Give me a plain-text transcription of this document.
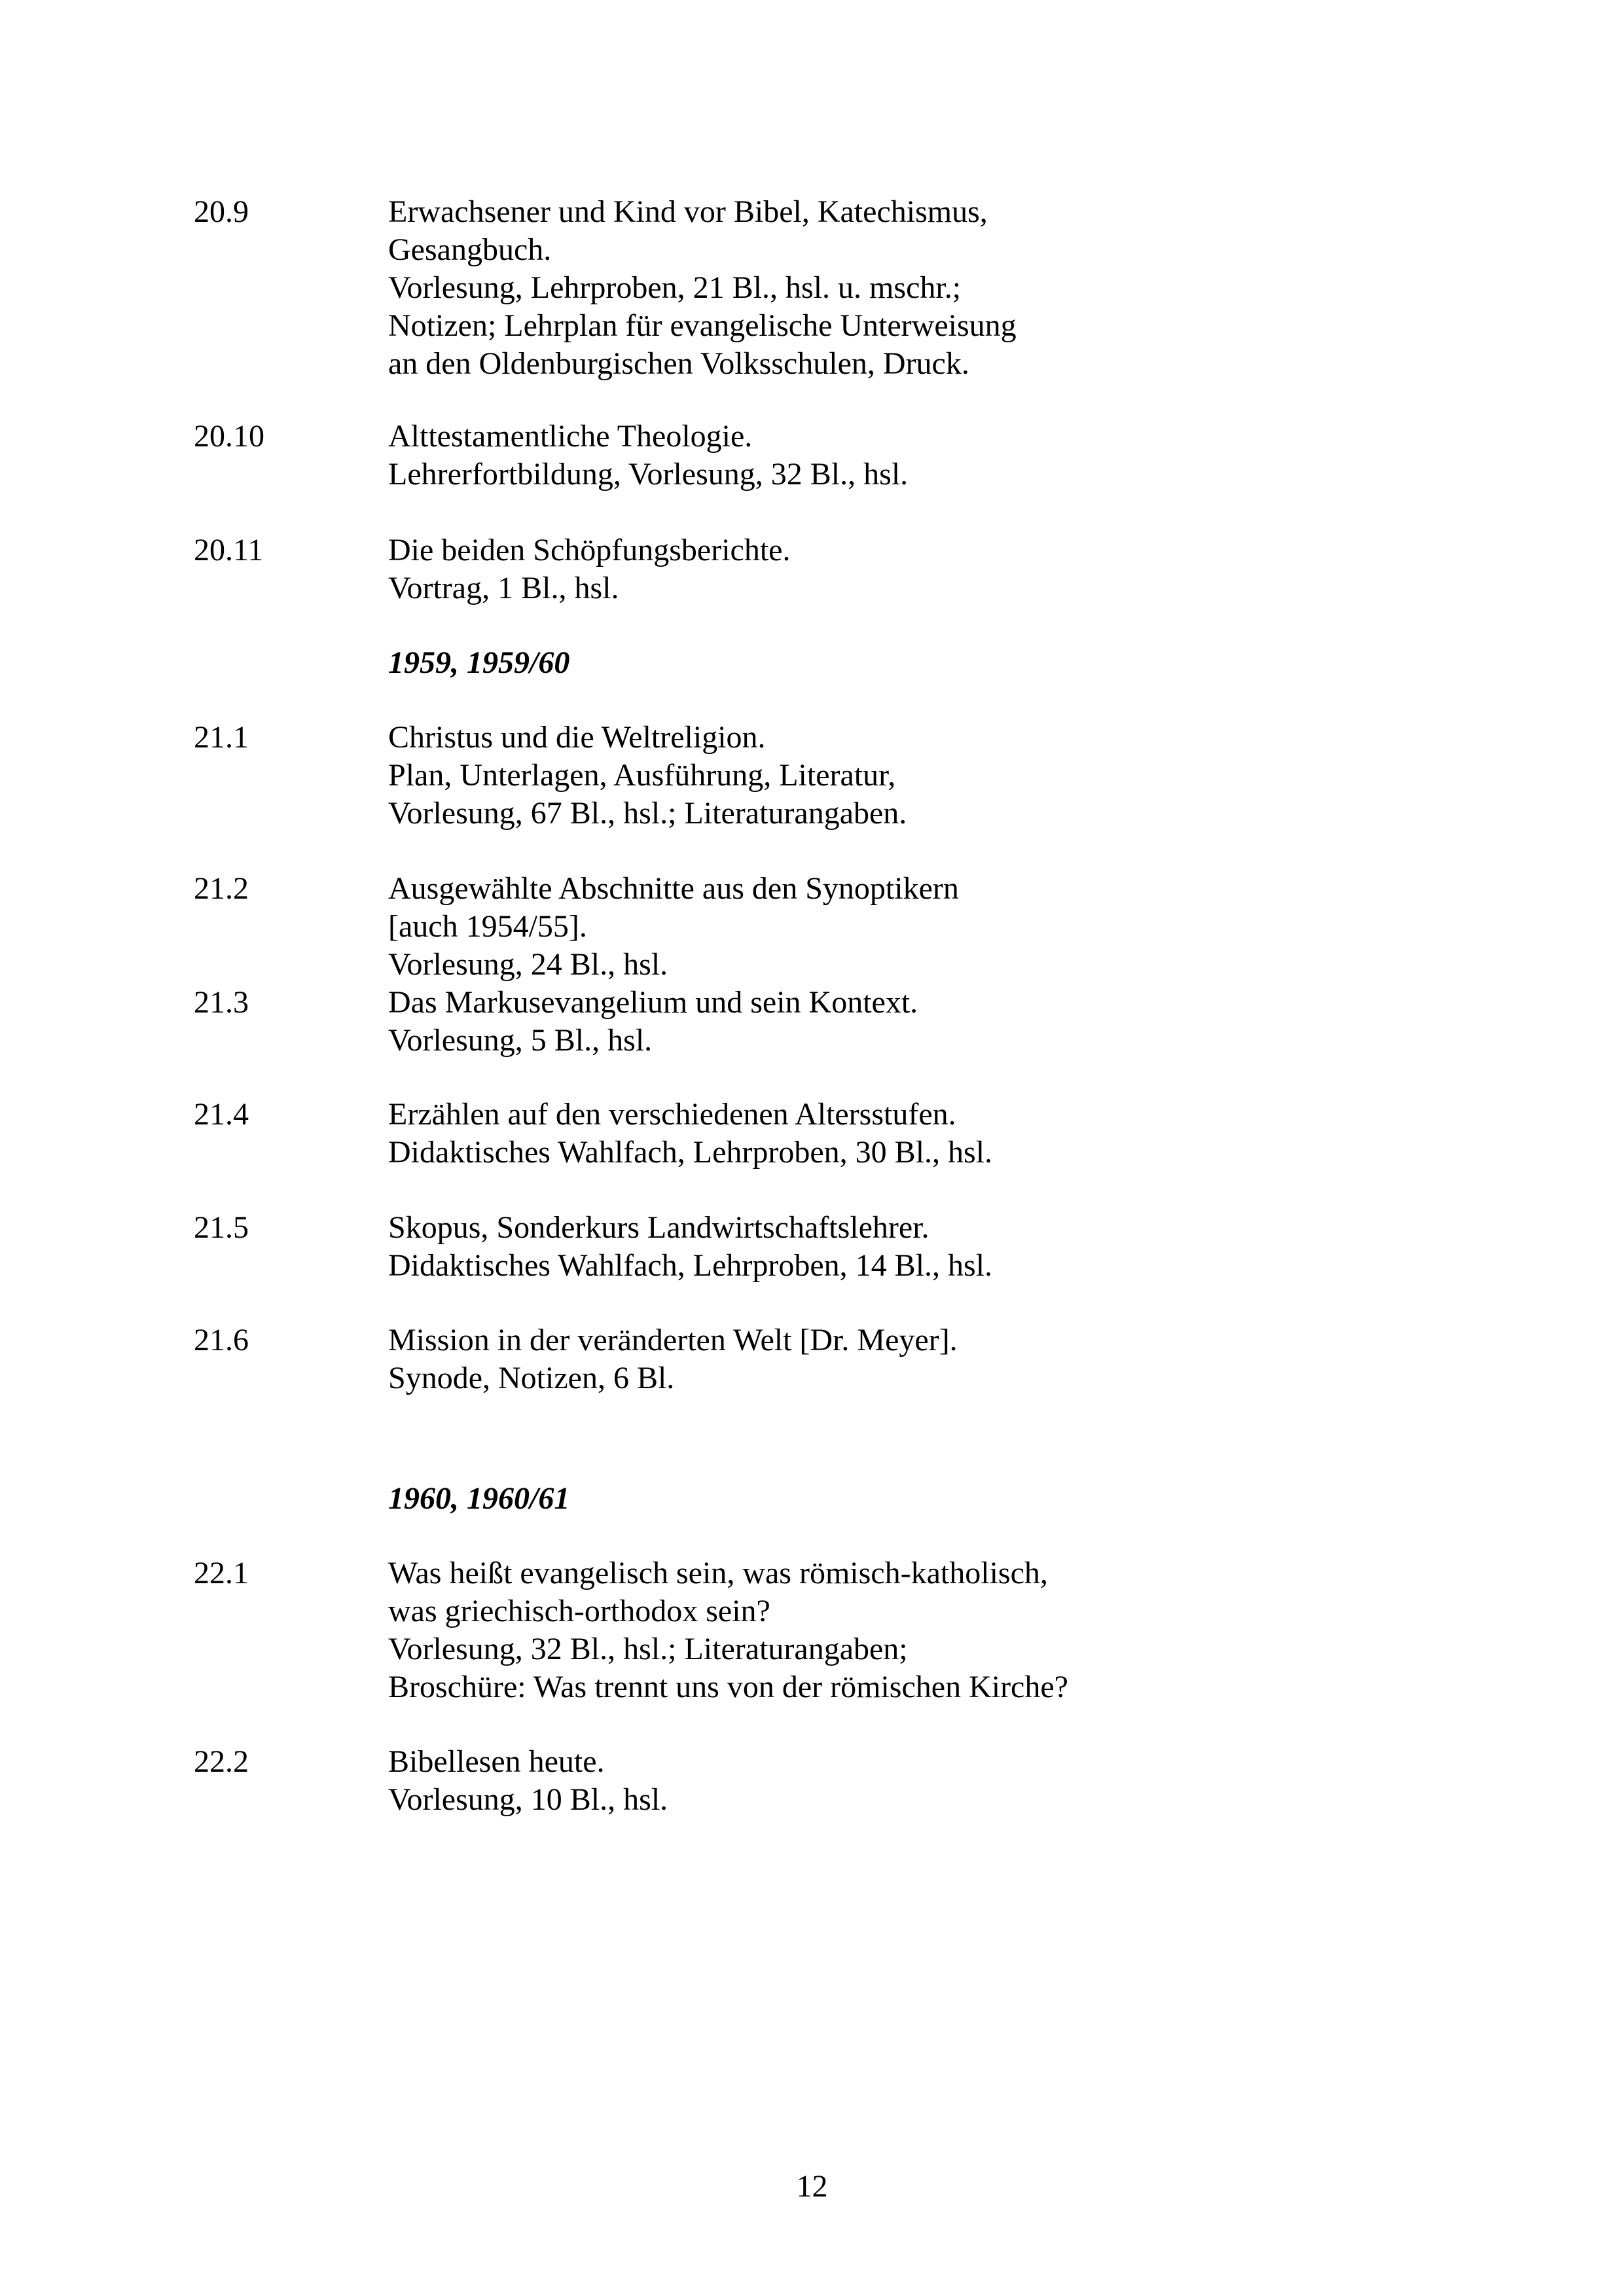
20.9	Erwachsener und Kind vor Bibel, Katechismus,
Gesangbuch.
Vorlesung, Lehrproben, 21 Bl., hsl. u. mschr.;
Notizen; Lehrplan für evangelische Unterweisung
an den Oldenburgischen Volksschulen, Druck.
20.10	Alttestamentliche Theologie.
Lehrerfortbildung, Vorlesung, 32 Bl., hsl.
20.11	Die beiden Schöpfungsberichte.
Vortrag, 1 Bl., hsl.
1959, 1959/60
21.1	Christus und die Weltreligion.
Plan, Unterlagen, Ausführung, Literatur,
Vorlesung, 67 Bl., hsl.; Literaturangaben.
21.2	Ausgewählte Abschnitte aus den Synoptikern
[auch 1954/55].
Vorlesung, 24 Bl., hsl.
21.3	Das Markusevangelium und sein Kontext.
Vorlesung, 5 Bl., hsl.
21.4	Erzählen auf den verschiedenen Altersstufen.
Didaktisches Wahlfach, Lehrproben, 30 Bl., hsl.
21.5	Skopus, Sonderkurs Landwirtschaftslehrer.
Didaktisches Wahlfach, Lehrproben, 14 Bl., hsl.
21.6	Mission in der veränderten Welt [Dr. Meyer].
Synode, Notizen, 6 Bl.
1960, 1960/61
22.1	Was heißt evangelisch sein, was römisch-katholisch,
was griechisch-orthodox sein?
Vorlesung, 32 Bl., hsl.; Literaturangaben;
Broschüre: Was trennt uns von der römischen Kirche?
22.2	Bibellesen heute.
Vorlesung, 10 Bl., hsl.
12
